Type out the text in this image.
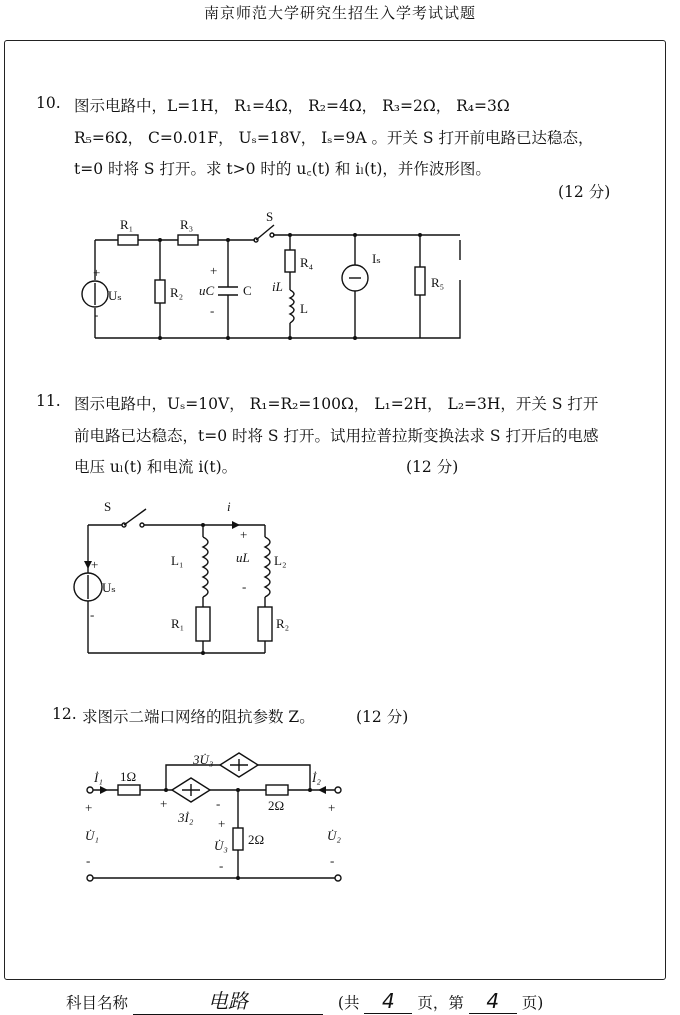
南京师范大学研究生招生入学考试试题
10. 图示电路中，L=1H， R₁=4Ω， R₂=4Ω， R₃=2Ω， R₄=3Ω
R₅=6Ω， C=0.01F， Uₛ=18V， Iₛ=9A 。开关 S 打开前电路已达稳态，
t=0 时将 S 打开。求 t>0 时的 u꜀(t) 和 iₗ(t)，并作波形图。
(12 分)
R₁	R₃
S
R₂ uC
+
-
C
R₄
iL
L
Iₛ
R₅
Uₛ
+
-
11. 图示电路中，Uₛ=10V， R₁=R₂=100Ω， L₁=2H， L₂=3H，开关 S 打开
前电路已达稳态，t=0 时将 S 打开。试用拉普拉斯变换法求 S 打开后的电感
电压 uₗ(t) 和电流 i(t)。	(12 分)
S	i
Uₛ
+
-
L₁
R₁
uL
+
-
L₂
R₂
12. 求图示二端口网络的阻抗参数 Z。	(12 分)
İ₁ 1Ω
3U̇₃
3İ₂
+	-	2Ω
İ₂
+
U̇₁
-
+
U̇₃
-
2Ω
+
U̇₂
-
科目名称	电路	(共 4 页，第 4 页)
